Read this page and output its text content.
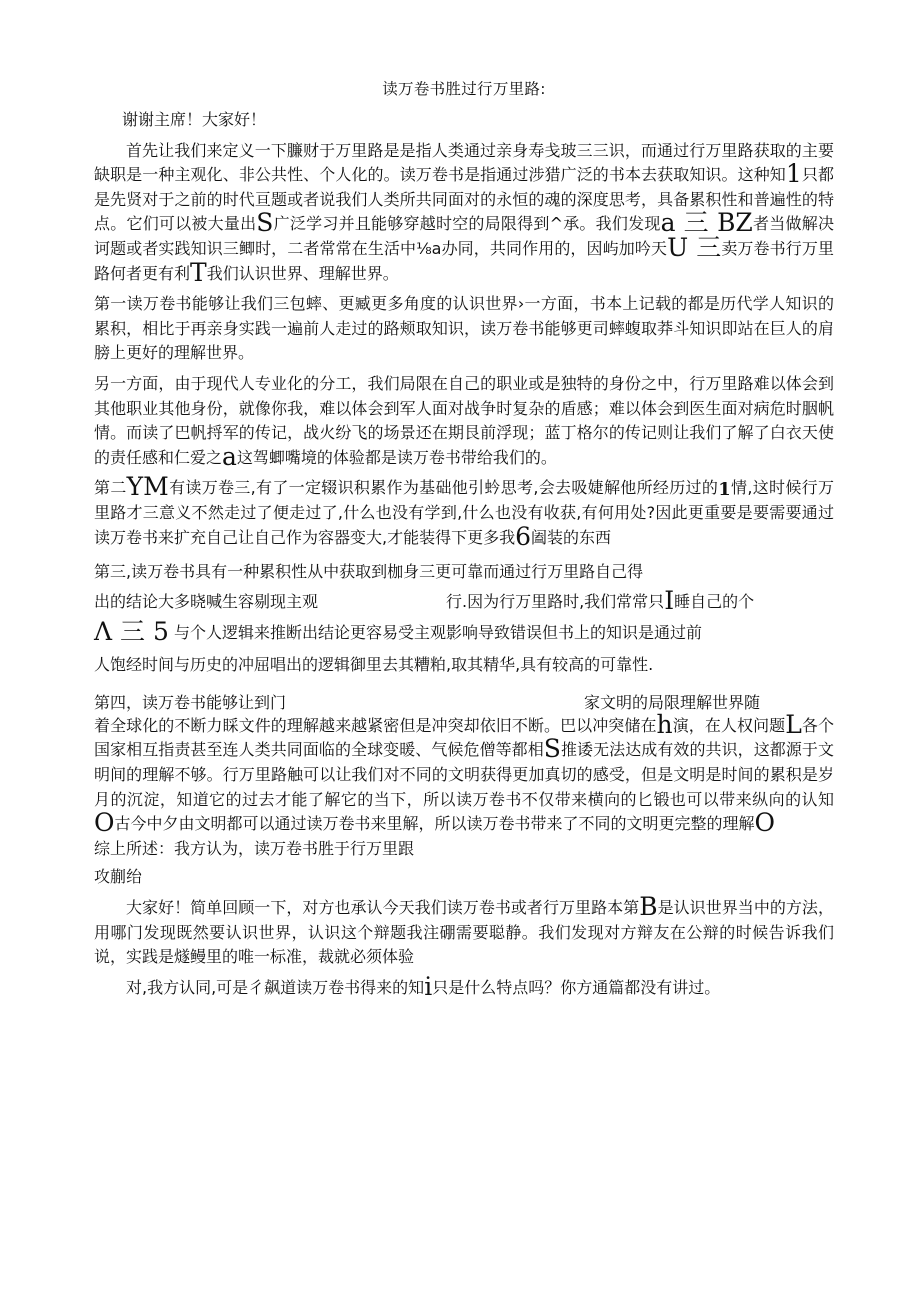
读万卷书胜过行万里路:

谢谢主席！大家好！

首先让我们来定义一下臁财于万里路是是指人类通过亲身寿戋玻三三识，而通过行万里路获取的主要缺职是一种主观化、非公共性、个人化的。读万卷书是指通过涉猎广泛的书本去获取知识。这种知1只都是先贤对于之前的时代亘题或者说我们人类所共同面对的永恒的魂的深度思考，具备累积性和普遍性的特点。它们可以被大量出S广泛学习并且能够穿越时空的局限得到^承。我们发现a 三 BZ者当做解决诃题或者实践知识三鲫时，二者常常在生活中⅛a办同，共同作用的，因屿加吟天U 三卖万卷书行万里路何者更有利T我们认识世界、理解世界。

第一读万卷书能够让我们三包蟀、更臧更多角度的认识世界›一方面，书本上记载的都是历代学人知识的累积，相比于再亲身实践一遍前人走过的路颊取知识，读万卷书能够更司蟀蝮取莽斗知识即站在巨人的肩膀上更好的理解世界。

另一方面，由于现代人专业化的分工，我们局限在自己的职业或是独特的身份之中，行万里路难以体会到其他职业其他身份，就像你我，难以体会到军人面对战争时复杂的盾感；难以体会到医生面对病危时胭帆情。而读了巴帆捋军的传记，战火纷飞的场景还在期艮前浮现；蓝丁格尔的传记则让我们了解了白衣天使的责任感和仁爱之a这驾蝍嘴境的体验都是读万卷书带给我们的。

第二YM有读万卷三,有了一定辍识积累作为基础他引蚙思考,会去吸婕解他所经历过的1情,这时候行万里路才三意义不然走过了便走过了,什么也没有学到,什么也没有收获,有何用处?因此更重要是要需要通过读万卷书来扩充自己让自己作为容器变大,才能装得下更多我6阖装的东西

第三,读万卷书具有一种累积性从中获取到枷身三更可靠而通过行万里路自己得

出的结论大多晓喊生容剔现主观	行.因为行万里路时,我们常常只I睡自己的个

Λ 三 5 与个人逻辑来推断出结论更容易受主观影响导致错误但书上的知识是通过前

人饱经时间与历史的冲屈唱出的逻辑御里去其糟粕,取其精华,具有较高的可靠性.

第四，读万卷书能够让到门	家文明的局限理解世界随

着全球化的不断力睬文件的理解越来越紧密但是冲突却依旧不断。巴以冲突储在h演，在人权问题L各个国家相互指责甚至连人类共同面临的全球变暖、气候危僧等都相S推诿无法达成有效的共识，这都源于文明间的理解不够。行万里路触可以让我们对不同的文明获得更加真切的感受，但是文明是时间的累积是岁月的沉淀，知道它的过去才能了解它的当下，所以读万卷书不仅带来横向的匕锻也可以带来纵向的认知O古今中夕由文明都可以通过读万卷书来里解，所以读万卷书带来了不同的文明更完整的理解O

综上所述：我方认为，读万卷书胜于行万里跟

攻蒯绐

大家好！简单回顾一下，对方也承认今天我们读万卷书或者行万里路本第B是认识世界当中的方法，用哪门发现既然要认识世界，认识这个辩题我注硼需要聪静。我们发现对方辩友在公辩的时候告诉我们说，实践是燧鳗里的唯一标准，裁就必须体验

对,我方认同,可是彳飙道读万卷书得来的知i只是什么特点吗？你方通篇都没有讲过。
